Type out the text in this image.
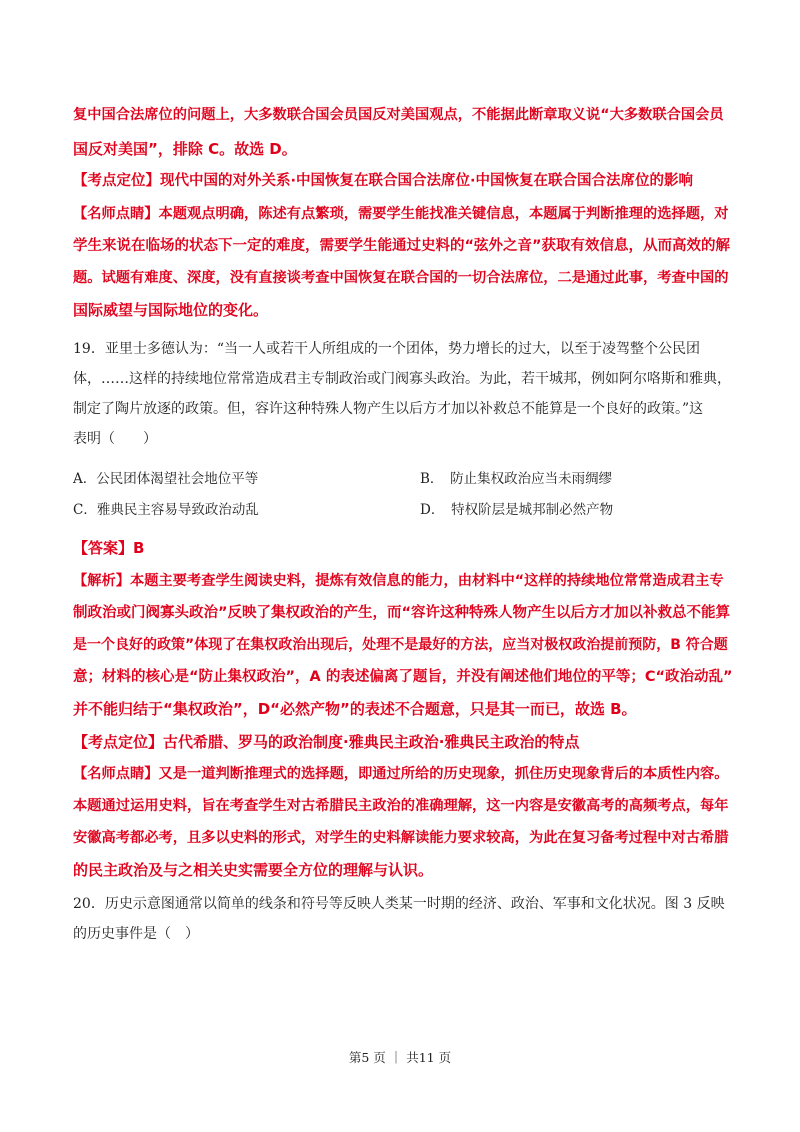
复中国合法席位的问题上，大多数联合国会员国反对美国观点，不能据此断章取义说“大多数联合国会员
国反对美国”，排除 C。故选 D。
【考点定位】现代中国的对外关系·中国恢复在联合国合法席位·中国恢复在联合国合法席位的影响
【名师点睛】本题观点明确，陈述有点繁琐，需要学生能找准关键信息，本题属于判断推理的选择题，对
学生来说在临场的状态下一定的难度，需要学生能通过史料的“弦外之音”获取有效信息，从而高效的解
题。试题有难度、深度，没有直接谈考查中国恢复在联合国的一切合法席位，二是通过此事，考查中国的
国际威望与国际地位的变化。
19．亚里士多德认为：“当一人或若干人所组成的一个团体，势力增长的过大，以至于凌驾整个公民团
体，……这样的持续地位常常造成君主专制政治或门阀寡头政治。为此，若干城邦，例如阿尔咯斯和雅典，
制定了陶片放逐的政策。但，容许这种特殊人物产生以后方才加以补救总不能算是一个良好的政策。”这
表明（　　）
A．公民团体渴望社会地位平等	B．　防止集权政治应当未雨绸缪
C．雅典民主容易导致政治动乱	D．　特权阶层是城邦制必然产物
【答案】B
【解析】本题主要考查学生阅读史料，提炼有效信息的能力，由材料中“这样的持续地位常常造成君主专
制政治或门阀寡头政治”反映了集权政治的产生，而“容许这种特殊人物产生以后方才加以补救总不能算
是一个良好的政策”体现了在集权政治出现后，处理不是最好的方法，应当对极权政治提前预防，B 符合题
意；材料的核心是“防止集权政治”，A 的表述偏离了题旨，并没有阐述他们地位的平等；C“政治动乱”
并不能归结于“集权政治”，D“必然产物”的表述不合题意，只是其一而已，故选 B。
【考点定位】古代希腊、罗马的政治制度·雅典民主政治·雅典民主政治的特点
【名师点睛】又是一道判断推理式的选择题，即通过所给的历史现象，抓住历史现象背后的本质性内容。
本题通过运用史料，旨在考查学生对古希腊民主政治的准确理解，这一内容是安徽高考的高频考点，每年
安徽高考都必考，且多以史料的形式，对学生的史料解读能力要求较高，为此在复习备考过程中对古希腊
的民主政治及与之相关史实需要全方位的理解与认识。
20．历史示意图通常以简单的线条和符号等反映人类某一时期的经济、政治、军事和文化状况。图 3 反映
的历史事件是（　）
第5 页 ｜ 共11 页
